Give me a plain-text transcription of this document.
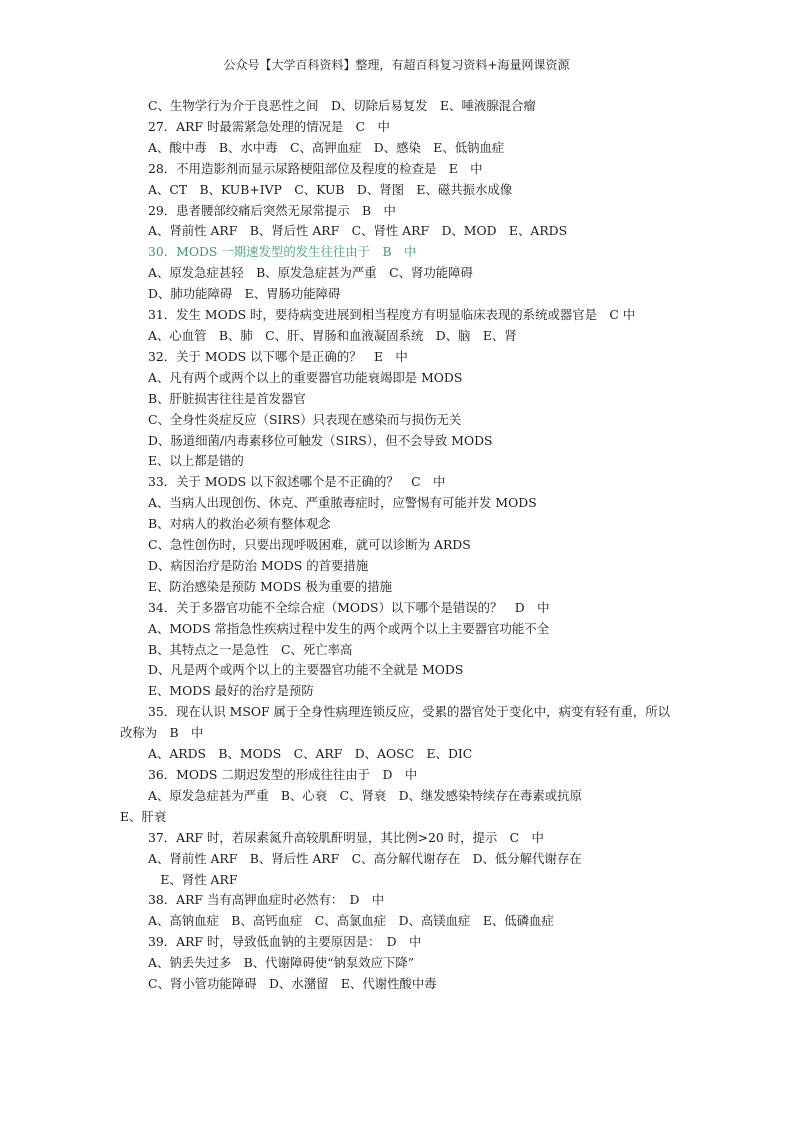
公众号【大学百科资料】整理，有超百科复习资料+海量网课资源
C、生物学行为介于良恶性之间　D、切除后易复发　E、唾液腺混合瘤
27．ARF 时最需紧急处理的情况是　C　中
A、酸中毒　B、水中毒　C、高钾血症　D、感染　E、低钠血症
28．不用造影剂而显示尿路梗阻部位及程度的检查是　E　中
A、CT　B、KUB+IVP　C、KUB　D、肾图　E、磁共振水成像
29．患者腰部绞痛后突然无尿常提示　B　中
A、肾前性 ARF　B、肾后性 ARF　C、肾性 ARF　D、MOD　E、ARDS
30．MODS 一期速发型的发生往往由于　B　中
A、原发急症甚轻　B、原发急症甚为严重　C、肾功能障碍
D、肺功能障碍　E、胃肠功能障碍
31．发生 MODS 时，要待病变进展到相当程度方有明显临床表现的系统或器官是　C 中
A、心血管　B、肺　C、肝、胃肠和血液凝固系统　D、脑　E、肾
32．关于 MODS 以下哪个是正确的？　E　中
A、凡有两个或两个以上的重要器官功能衰竭即是 MODS
B、肝脏损害往往是首发器官
C、全身性炎症反应（SIRS）只表现在感染而与损伤无关
D、肠道细菌/内毒素移位可触发（SIRS），但不会导致 MODS
E、以上都是错的
33．关于 MODS 以下叙述哪个是不正确的？　C　中
A、当病人出现创伤、休克、严重脓毒症时，应警惕有可能并发 MODS
B、对病人的救治必须有整体观念
C、急性创伤时，只要出现呼吸困难，就可以诊断为 ARDS
D、病因治疗是防治 MODS 的首要措施
E、防治感染是预防 MODS 极为重要的措施
34．关于多器官功能不全综合症（MODS）以下哪个是错误的？　D　中
A、MODS 常指急性疾病过程中发生的两个或两个以上主要器官功能不全
B、其特点之一是急性　C、死亡率高
D、凡是两个或两个以上的主要器官功能不全就是 MODS
E、MODS 最好的治疗是预防
35．现在认识 MSOF 属于全身性病理连锁反应，受累的器官处于变化中，病变有轻有重，所以改称为　B　中
A、ARDS　B、MODS　C、ARF　D、AOSC　E、DIC
36．MODS 二期迟发型的形成往往由于　D　中
A、原发急症甚为严重　B、心衰　C、肾衰　D、继发感染特续存在毒素或抗原
E、肝衰
37．ARF 时，若尿素氮升高较肌酐明显，其比例>20 时，提示　C　中
A、肾前性 ARF　B、肾后性 ARF　C、高分解代谢存在　D、低分解代谢存在
　E、肾性 ARF
38．ARF 当有高钾血症时必然有：　D　中
A、高钠血症　B、高钙血症　C、高氯血症　D、高镁血症　E、低磷血症
39．ARF 时，导致低血钠的主要原因是：　D　中
A、钠丢失过多　B、代谢障碍使“钠泵效应下降”
C、肾小管功能障碍　D、水潴留　E、代谢性酸中毒
